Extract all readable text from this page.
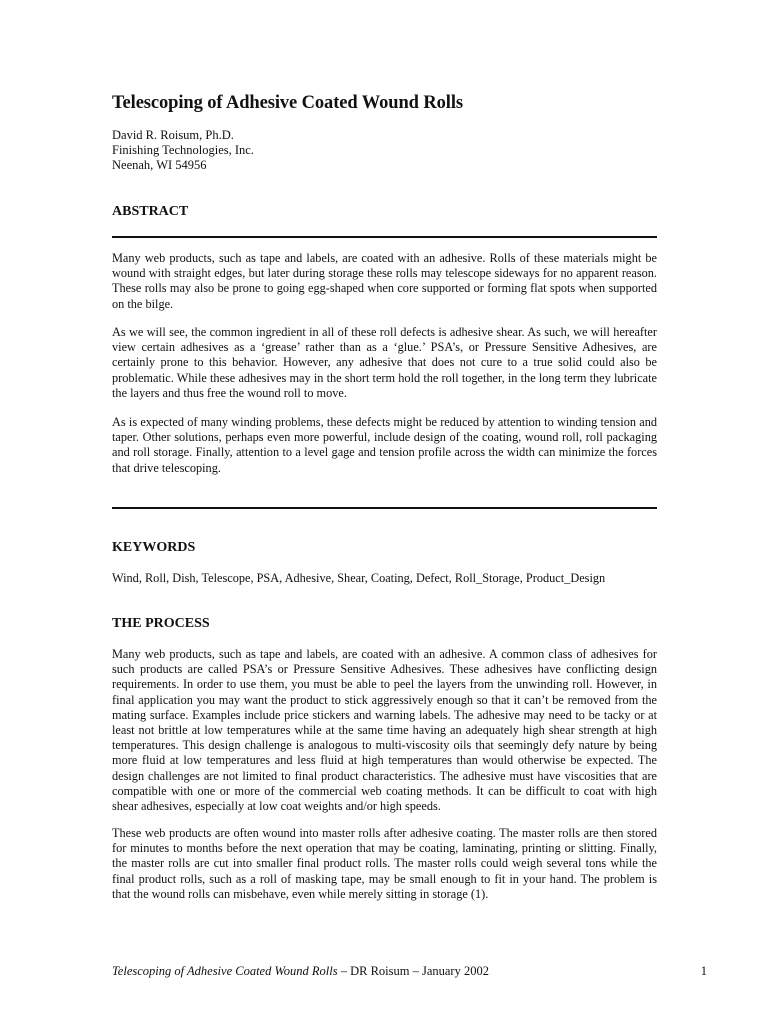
Telescoping of Adhesive Coated Wound Rolls
David R. Roisum, Ph.D.
Finishing Technologies, Inc.
Neenah, WI 54956
ABSTRACT

Many web products, such as tape and labels, are coated with an adhesive. Rolls of these materials might be wound with straight edges, but later during storage these rolls may telescope sideways for no apparent reason. These rolls may also be prone to going egg-shaped when core supported or forming flat spots when supported on the bilge.

As we will see, the common ingredient in all of these roll defects is adhesive shear. As such, we will hereafter view certain adhesives as a ‘grease’ rather than as a ‘glue.’ PSA’s, or Pressure Sensitive Adhesives, are certainly prone to this behavior. However, any adhesive that does not cure to a true solid could also be problematic. While these adhesives may in the short term hold the roll together, in the long term they lubricate the layers and thus free the wound roll to move.

As is expected of many winding problems, these defects might be reduced by attention to winding tension and taper. Other solutions, perhaps even more powerful, include design of the coating, wound roll, roll packaging and roll storage. Finally, attention to a level gage and tension profile across the width can minimize the forces that drive telescoping.

KEYWORDS

Wind, Roll, Dish, Telescope, PSA, Adhesive, Shear, Coating, Defect, Roll_Storage, Product_Design

THE PROCESS

Many web products, such as tape and labels, are coated with an adhesive. A common class of adhesives for such products are called PSA’s or Pressure Sensitive Adhesives. These adhesives have conflicting design requirements. In order to use them, you must be able to peel the layers from the unwinding roll. However, in final application you may want the product to stick aggressively enough so that it can’t be removed from the mating surface. Examples include price stickers and warning labels. The adhesive may need to be tacky or at least not brittle at low temperatures while at the same time having an adequately high shear strength at high temperatures. This design challenge is analogous to multi-viscosity oils that seemingly defy nature by being more fluid at low temperatures and less fluid at high temperatures than would otherwise be expected. The design challenges are not limited to final product characteristics. The adhesive must have viscosities that are compatible with one or more of the commercial web coating methods. It can be difficult to coat with high shear adhesives, especially at low coat weights and/or high speeds.

These web products are often wound into master rolls after adhesive coating. The master rolls are then stored for minutes to months before the next operation that may be coating, laminating, printing or slitting. Finally, the master rolls are cut into smaller final product rolls. The master rolls could weigh several tons while the final product rolls, such as a roll of masking tape, may be small enough to fit in your hand. The problem is that the wound rolls can misbehave, even while merely sitting in storage (1).

Telescoping of Adhesive Coated Wound Rolls – DR Roisum – January 2002	1
